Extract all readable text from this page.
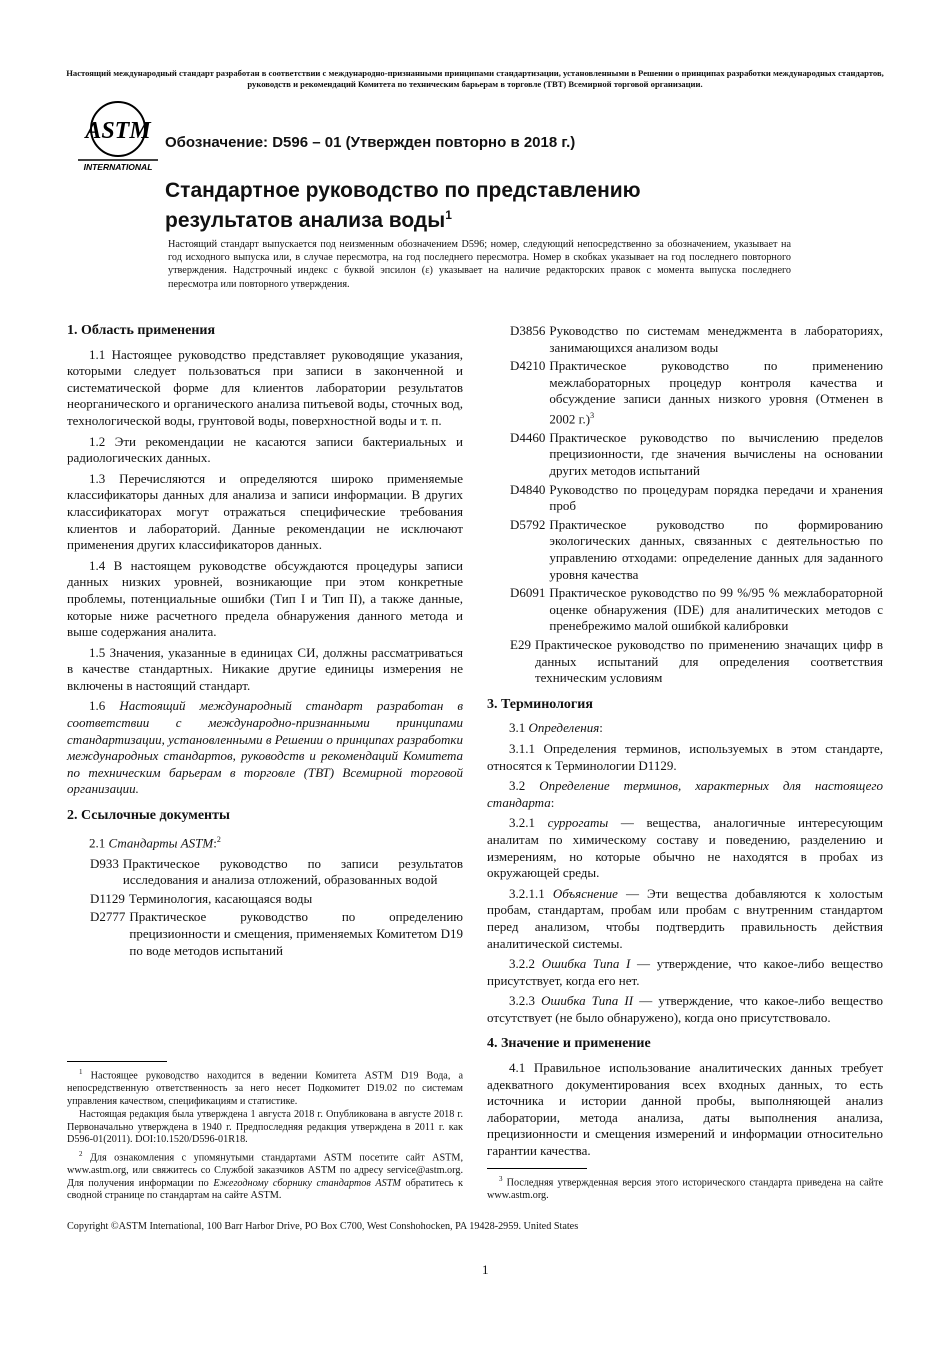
Настоящий международный стандарт разработан в соответствии с международно-признанными принципами стандартизации, установленными в Решении о принципах разработки международных стандартов, руководств и рекомендаций Комитета по техническим барьерам в торговле (ТВТ) Всемирной торговой организации.
ASTM
INTERNATIONAL
Обозначение: D596 – 01 (Утвержден повторно в 2018 г.)
Стандартное руководство по представлению
результатов анализа воды$^1$
Настоящий стандарт выпускается под неизменным обозначением D596; номер, следующий непосредственно за обозначением, указывает на год исходного выпуска или, в случае пересмотра, на год последнего пересмотра. Номер в скобках указывает на год последнего повторного утверждения. Надстрочный индекс с буквой эпсилон (ε) указывает на наличие редакторских правок с момента выпуска последнего пересмотра или повторного утверждения.
1. Область применения

1.1 Настоящее руководство представляет руководящие указания, которыми следует пользоваться при записи в законченной и систематической форме для клиентов лаборатории результатов неорганического и органического анализа питьевой воды, сточных вод, технологической воды, грунтовой воды, поверхностной воды и т. п.

1.2 Эти рекомендации не касаются записи бактериальных и радиологических данных.

1.3 Перечисляются и определяются широко применяемые классификаторы данных для анализа и записи информации. В других классификаторах могут отражаться специфические требования клиентов и лабораторий. Данные рекомендации не исключают применения других классификаторов данных.

1.4 В настоящем руководстве обсуждаются процедуры записи данных низких уровней, возникающие при этом конкретные проблемы, потенциальные ошибки (Тип I и Тип II), а также данные, которые ниже расчетного предела обнаружения данного метода и выше содержания аналита.

1.5 Значения, указанные в единицах СИ, должны рассматриваться в качестве стандартных. Никакие другие единицы измерения не включены в настоящий стандарт.

1.6 Настоящий международный стандарт разработан в соответствии с международно-признанными принципами стандартизации, установленными в Решении о принципах разработки международных стандартов, руководств и рекомендаций Комитета по техническим барьерам в торговле (ТВТ) Всемирной торговой организации.

2. Ссылочные документы

2.1 Стандарты ASTM:$^2$

D933 Практическое руководство по записи результатов исследования и анализа отложений, образованных водой
D1129 Терминология, касающаяся воды
D2777 Практическое руководство по определению прецизионности и смещения, применяемых Комитетом D19 по воде методов испытаний
$^1$ Настоящее руководство находится в ведении Комитета ASTM D19 Вода, а непосредственную ответственность за него несет Подкомитет D19.02 по системам управления качеством, спецификациям и статистике.
Настоящая редакция была утверждена 1 августа 2018 г. Опубликована в августе 2018 г. Первоначально утверждена в 1940 г. Предпоследняя редакция утверждена в 2011 г. как D596-01(2011). DOI:10.1520/D596-01R18.
$^2$ Для ознакомления с упомянутыми стандартами ASTM посетите сайт ASTM, www.astm.org, или свяжитесь со Службой заказчиков ASTM по адресу service@astm.org. Для получения информации по Ежегодному сборнику стандартов ASTM обратитесь к сводной странице по стандартам на сайте ASTM.
D3856 Руководство по системам менеджмента в лабораториях, занимающихся анализом воды
D4210 Практическое руководство по применению межлабораторных процедур контроля качества и обсуждение записи данных низкого уровня (Отменен в 2002 г.)$^3$
D4460 Практическое руководство по вычислению пределов прецизионности, где значения вычислены на основании других методов испытаний
D4840 Руководство по процедурам порядка передачи и хранения проб
D5792 Практическое руководство по формированию экологических данных, связанных с деятельностью по управлению отходами: определение данных для заданного уровня качества
D6091 Практическое руководство по 99 %/95 % межлабораторной оценке обнаружения (IDE) для аналитических методов с пренебрежимо малой ошибкой калибровки
E29 Практическое руководство по применению значащих цифр в данных испытаний для определения соответствия техническим условиям
3. Терминология

3.1 Определения:

3.1.1 Определения терминов, используемых в этом стандарте, относятся к Терминологии D1129.

3.2 Определение терминов, характерных для настоящего стандарта:

3.2.1 суррогаты — вещества, аналогичные интересующим аналитам по химическому составу и поведению, разделению и измерениям, но которые обычно не находятся в пробах из окружающей среды.

3.2.1.1 Объяснение — Эти вещества добавляются к холостым пробам, стандартам, пробам или пробам с внутренним стандартом перед анализом, чтобы подтвердить правильность действия аналитической системы.

3.2.2 Ошибка Типа I — утверждение, что какое-либо вещество присутствует, когда его нет.

3.2.3 Ошибка Типа II — утверждение, что какое-либо вещество отсутствует (не было обнаружено), когда оно присутствовало.

4. Значение и применение

4.1 Правильное использование аналитических данных требует адекватного документирования всех входных данных, то есть источника и истории данной пробы, выполняющей анализ лаборатории, метода анализа, даты выполнения анализа, прецизионности и смещения измерений и информации относительно гарантии качества.

$^3$ Последняя утвержденная версия этого исторического стандарта приведена на сайте www.astm.org.
Copyright ©ASTM International, 100 Barr Harbor Drive, PO Box C700, West Conshohocken, PA 19428-2959. United States
1
